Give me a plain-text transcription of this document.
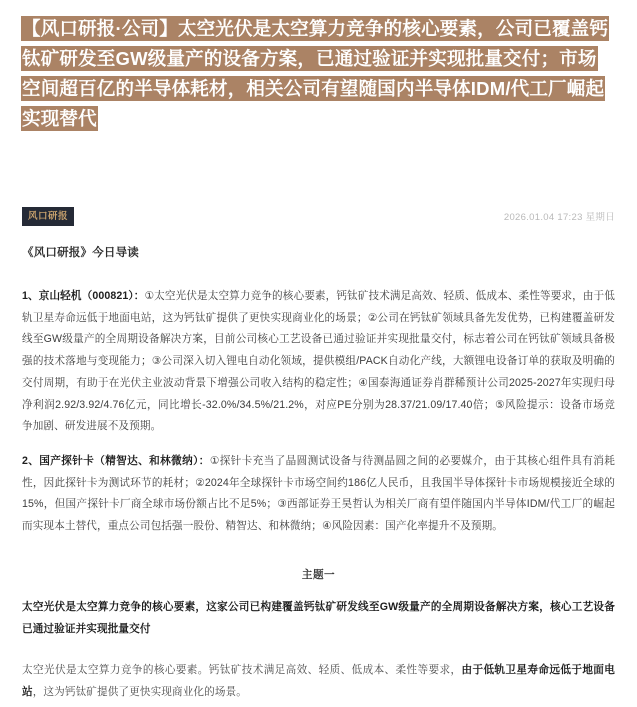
【风口研报·公司】太空光伏是太空算力竞争的核心要素，公司已覆盖钙钛矿研发至GW级量产的设备方案，已通过验证并实现批量交付；市场空间超百亿的半导体耗材，相关公司有望随国内半导体IDM/代工厂崛起实现替代
风口研报	2026.01.04 17:23 星期日
《风口研报》今日导读

1、京山轻机（000821）：①太空光伏是太空算力竞争的核心要素，钙钛矿技术满足高效、轻质、低成本、柔性等要求，由于低轨卫星寿命远低于地面电站，这为钙钛矿提供了更快实现商业化的场景；②公司在钙钛矿领域具备先发优势，已构建覆盖研发线至GW级量产的全周期设备解决方案，目前公司核心工艺设备已通过验证并实现批量交付，标志着公司在钙钛矿领域具备极强的技术落地与变现能力；③公司深入切入锂电自动化领域，提供模组/PACK自动化产线，大额锂电设备订单的获取及明确的交付周期，有助于在光伏主业波动背景下增强公司收入结构的稳定性；④国泰海通证券肖群稀预计公司2025-2027年实现归母净利润2.92/3.92/4.76亿元，同比增长-32.0%/34.5%/21.2%，对应PE分别为28.37/21.09/17.40倍；⑤风险提示：设备市场竞争加剧、研发进展不及预期。

2、国产探针卡（精智达、和林微纳）：①探针卡充当了晶圆测试设备与待测晶圆之间的必要媒介，由于其核心组件具有消耗性，因此探针卡为测试环节的耗材；②2024年全球探针卡市场空间约186亿人民币，且我国半导体探针卡市场规模接近全球的15%，但国产探针卡厂商全球市场份额占比不足5%；③西部证券王昊哲认为相关厂商有望伴随国内半导体IDM/代工厂的崛起而实现本土替代，重点公司包括强一股份、精智达、和林微纳；④风险因素：国产化率提升不及预期。

主题一

太空光伏是太空算力竞争的核心要素，这家公司已构建覆盖钙钛矿研发线至GW级量产的全周期设备解决方案，核心工艺设备已通过验证并实现批量交付

太空光伏是太空算力竞争的核心要素。钙钛矿技术满足高效、轻质、低成本、柔性等要求，由于低轨卫星寿命远低于地面电站，这为钙钛矿提供了更快实现商业化的场景。
